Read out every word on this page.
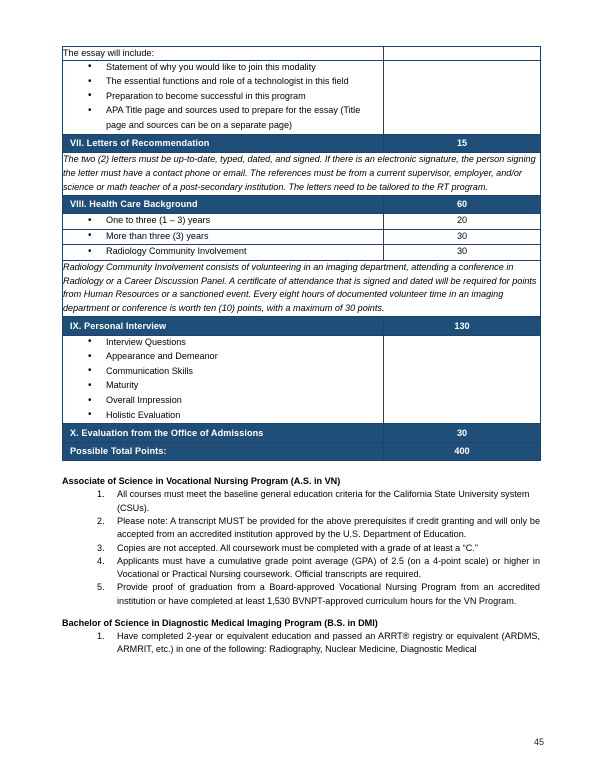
The essay will include:	

• Statement of why you would like to join this modality
• The essential functions and role of a technologist in this field
• Preparation to become successful in this program
• APA Title page and sources used to prepare for the essay (Title
page and sources can be on a separate page)

VII. Letters of Recommendation	15
The two (2) letters must be up-to-date, typed, dated, and signed. If there is an electronic signature, the person signing the letter must have a contact phone or email. The references must be from a current supervisor, employer, and/or science or math teacher of a post-secondary institution. The letters need to be tailored to the RT program.	
VIII. Health Care Background	60

• One to three (1 – 3) years	20

• More than three (3) years	30

• Radiology Community Involvement	30
Radiology Community Involvement consists of volunteering in an imaging department, attending a conference in Radiology or a Career Discussion Panel. A certificate of attendance that is signed and dated will be required for points from Human Resources or a sanctioned event. Every eight hours of documented volunteer time in an imaging department or conference is worth ten (10) points, with a maximum of 30 points.	
IX. Personal Interview	130

• Interview Questions
• Appearance and Demeanor
• Communication Skills
• Maturity
• Overall Impression
• Holistic Evaluation

X. Evaluation from the Office of Admissions	30
Possible Total Points:	400

Associate of Science in Vocational Nursing Program (A.S. in VN)

All courses must meet the baseline general education criteria for the California State University system (CSUs).

Please note: A transcript MUST be provided for the above prerequisites if credit granting and will only be accepted from an accredited institution approved by the U.S. Department of Education.

Copies are not accepted. All coursework must be completed with a grade of at least a “C.”

Applicants must have a cumulative grade point average (GPA) of 2.5 (on a 4-point scale) or higher in Vocational or Practical Nursing coursework. Official transcripts are required.

Provide proof of graduation from a Board-approved Vocational Nursing Program from an accredited institution or have completed at least 1,530 BVNPT-approved curriculum hours for the VN Program.

Bachelor of Science in Diagnostic Medical Imaging Program (B.S. in DMI)

Have completed 2-year or equivalent education and passed an ARRT® registry or equivalent (ARDMS, ARMRIT, etc.) in one of the following: Radiography, Nuclear Medicine, Diagnostic Medical

45
